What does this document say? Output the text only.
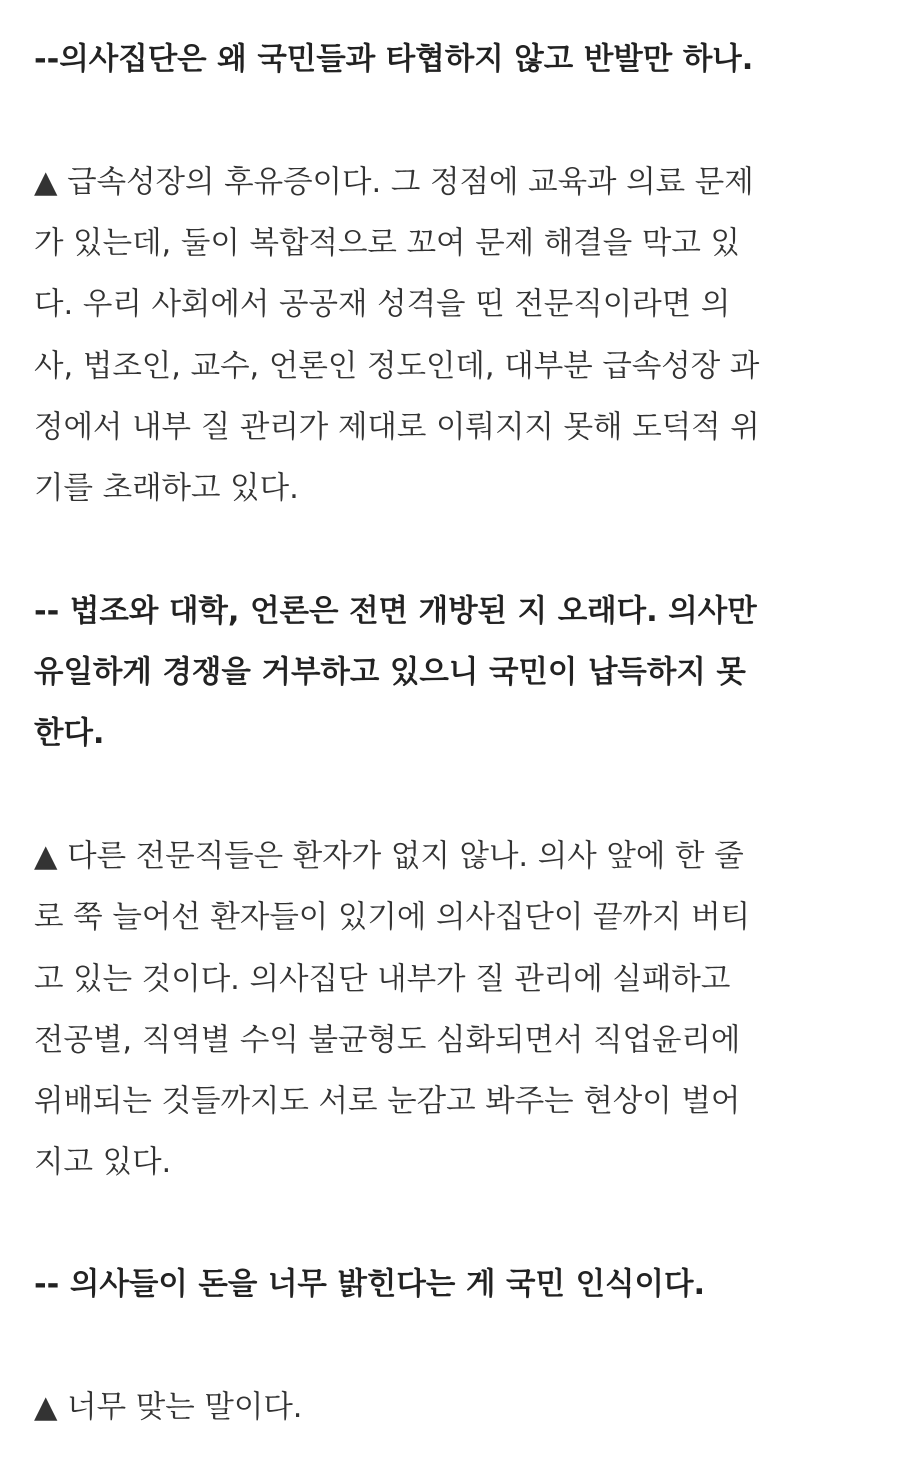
--의사집단은 왜 국민들과 타협하지 않고 반발만 하나.
▲ 급속성장의 후유증이다. 그 정점에 교육과 의료 문제
가 있는데, 둘이 복합적으로 꼬여 문제 해결을 막고 있
다. 우리 사회에서 공공재 성격을 띤 전문직이라면 의
사, 법조인, 교수, 언론인 정도인데, 대부분 급속성장 과
정에서 내부 질 관리가 제대로 이뤄지지 못해 도덕적 위
기를 초래하고 있다.
-- 법조와 대학, 언론은 전면 개방된 지 오래다. 의사만
유일하게 경쟁을 거부하고 있으니 국민이 납득하지 못
한다.
▲ 다른 전문직들은 환자가 없지 않나. 의사 앞에 한 줄
로 쭉 늘어선 환자들이 있기에 의사집단이 끝까지 버티
고 있는 것이다. 의사집단 내부가 질 관리에 실패하고
전공별, 직역별 수익 불균형도 심화되면서 직업윤리에
위배되는 것들까지도 서로 눈감고 봐주는 현상이 벌어
지고 있다.
-- 의사들이 돈을 너무 밝힌다는 게 국민 인식이다.
▲ 너무 맞는 말이다.
